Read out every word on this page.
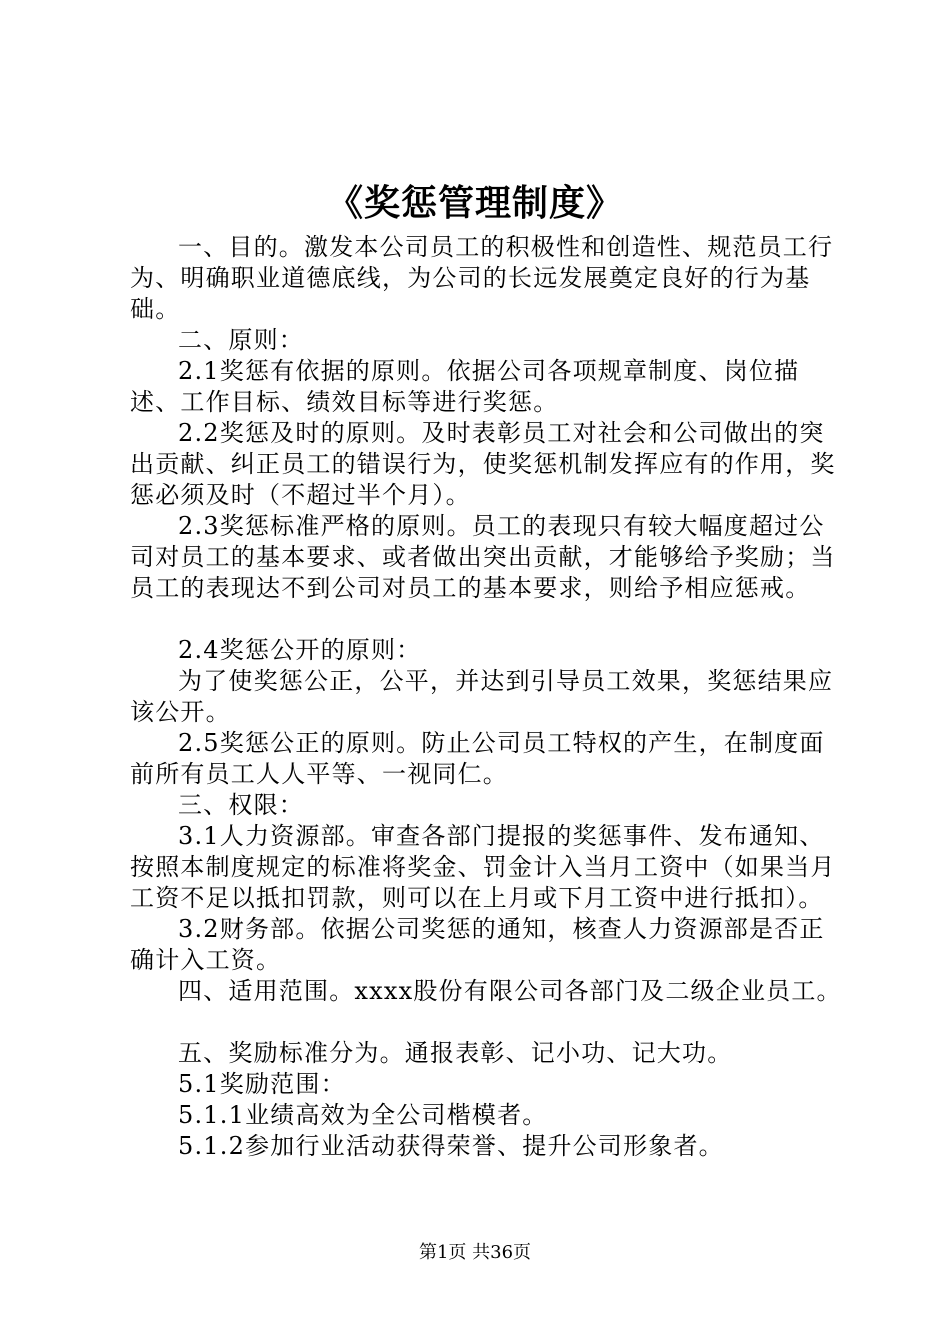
《奖惩管理制度》

一、目的。激发本公司员工的积极性和创造性、规范员工行为、明确职业道德底线，为公司的长远发展奠定良好的行为基础。

二、原则：

2.1奖惩有依据的原则。依据公司各项规章制度、岗位描述、工作目标、绩效目标等进行奖惩。

2.2奖惩及时的原则。及时表彰员工对社会和公司做出的突出贡献、纠正员工的错误行为，使奖惩机制发挥应有的作用，奖惩必须及时（不超过半个月）。

2.3奖惩标准严格的原则。员工的表现只有较大幅度超过公司对员工的基本要求、或者做出突出贡献，才能够给予奖励；当员工的表现达不到公司对员工的基本要求，则给予相应惩戒。

2.4奖惩公开的原则：

为了使奖惩公正，公平，并达到引导员工效果，奖惩结果应该公开。

2.5奖惩公正的原则。防止公司员工特权的产生，在制度面前所有员工人人平等、一视同仁。

三、权限：

3.1人力资源部。审查各部门提报的奖惩事件、发布通知、按照本制度规定的标准将奖金、罚金计入当月工资中（如果当月工资不足以抵扣罚款，则可以在上月或下月工资中进行抵扣）。

3.2财务部。依据公司奖惩的通知，核查人力资源部是否正确计入工资。

四、适用范围。xxxx股份有限公司各部门及二级企业员工。

五、奖励标准分为。通报表彰、记小功、记大功。

5.1奖励范围：

5.1.1业绩高效为全公司楷模者。

5.1.2参加行业活动获得荣誉、提升公司形象者。

第1页 共36页
